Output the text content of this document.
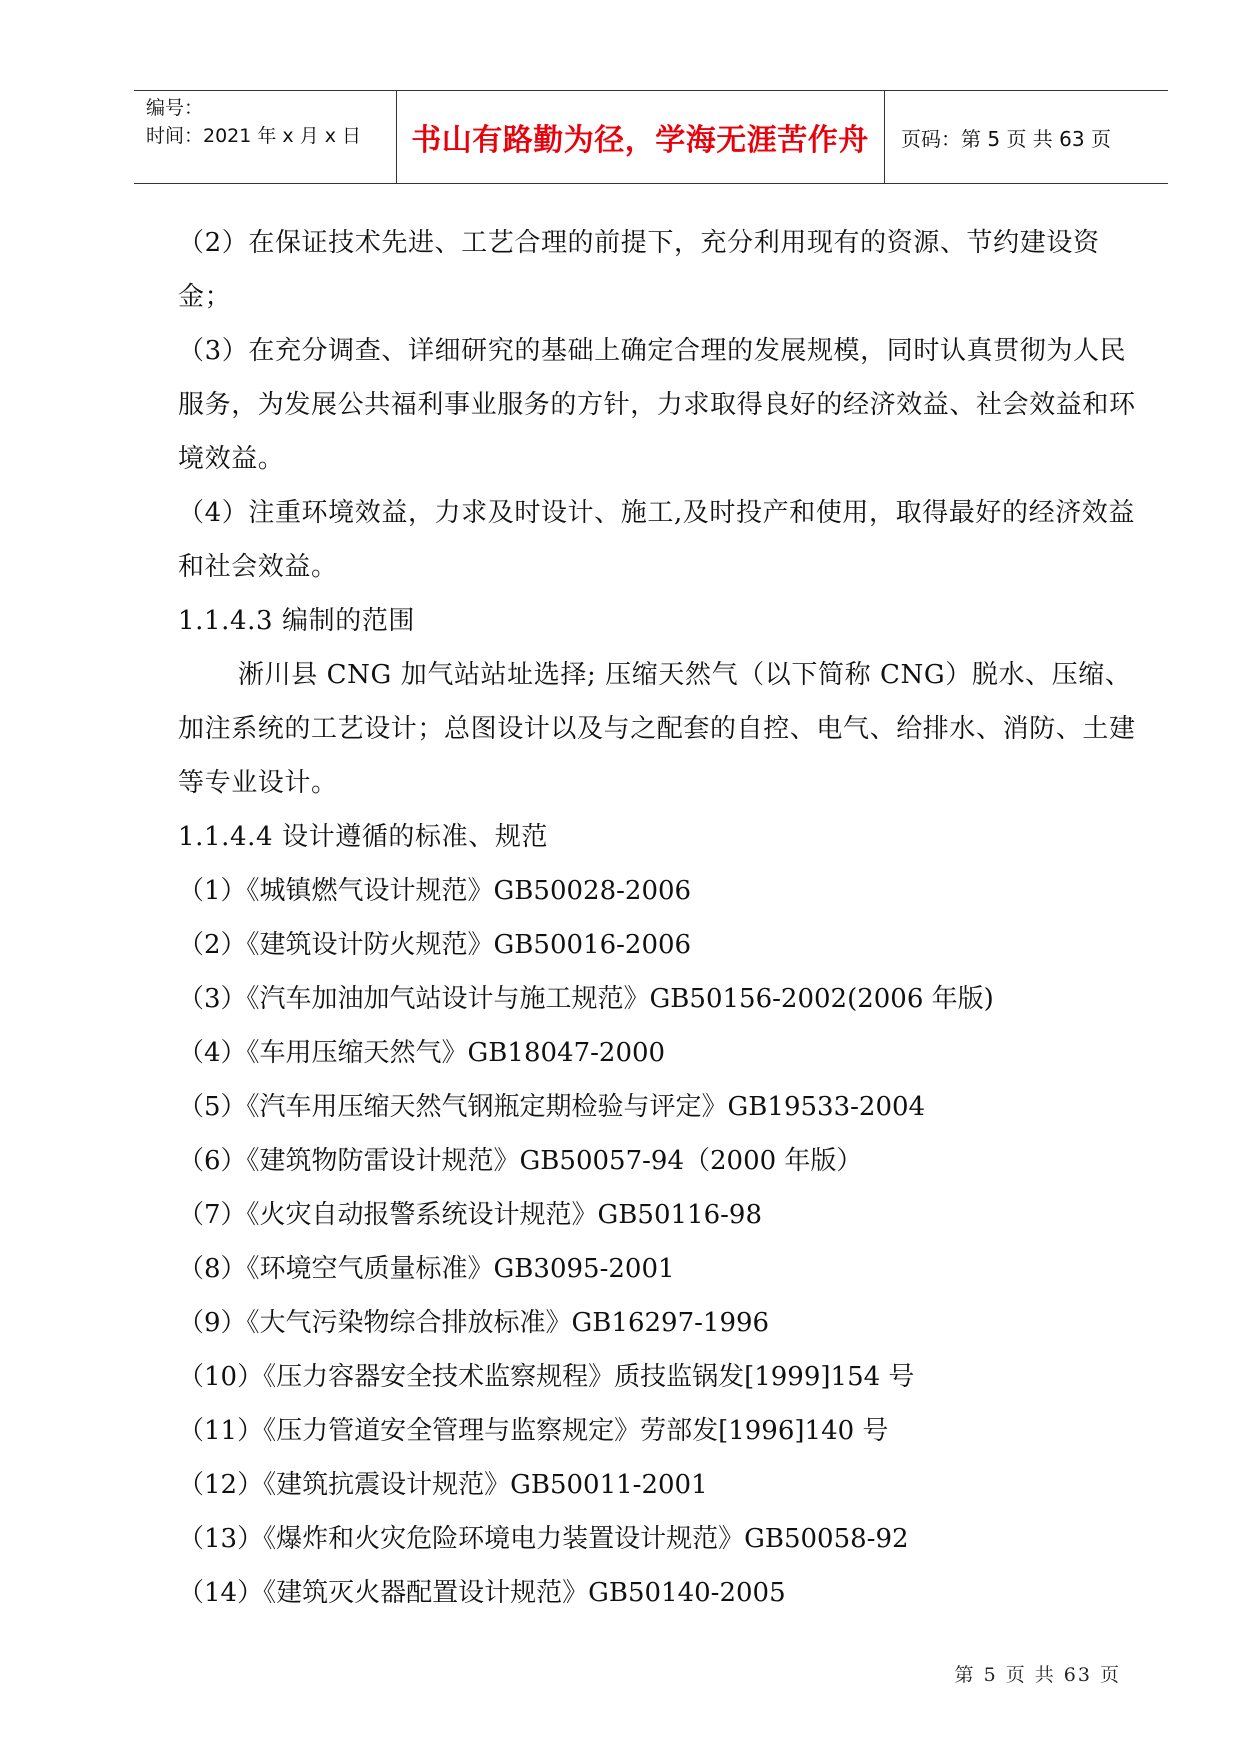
编号：
时间：2021 年 x 月 x 日 书山有路勤为径，学海无涯苦作舟 页码：第 5 页 共 63 页

（2）在保证技术先进、工艺合理的前提下，充分利用现有的资源、节约建设资金；

（3）在充分调查、详细研究的基础上确定合理的发展规模，同时认真贯彻为人民服务，为发展公共福利事业服务的方针，力求取得良好的经济效益、社会效益和环境效益。

（4）注重环境效益，力求及时设计、施工,及时投产和使用，取得最好的经济效益和社会效益。

1.1.4.3 编制的范围

淅川县 CNG 加气站站址选择; 压缩天然气（以下简称 CNG）脱水、压缩、加注系统的工艺设计；总图设计以及与之配套的自控、电气、给排水、消防、土建等专业设计。

1.1.4.4 设计遵循的标准、规范

（1）《城镇燃气设计规范》GB50028-2006

（2）《建筑设计防火规范》GB50016-2006

（3）《汽车加油加气站设计与施工规范》GB50156-2002(2006 年版)

（4）《车用压缩天然气》GB18047-2000

（5）《汽车用压缩天然气钢瓶定期检验与评定》GB19533-2004

（6）《建筑物防雷设计规范》GB50057-94（2000 年版）

（7）《火灾自动报警系统设计规范》GB50116-98

（8）《环境空气质量标准》GB3095-2001

（9）《大气污染物综合排放标准》GB16297-1996

（10）《压力容器安全技术监察规程》质技监锅发[1999]154 号

（11）《压力管道安全管理与监察规定》劳部发[1996]140 号

（12）《建筑抗震设计规范》GB50011-2001

（13）《爆炸和火灾危险环境电力装置设计规范》GB50058-92

（14）《建筑灭火器配置设计规范》GB50140-2005

第 5 页 共 63 页
